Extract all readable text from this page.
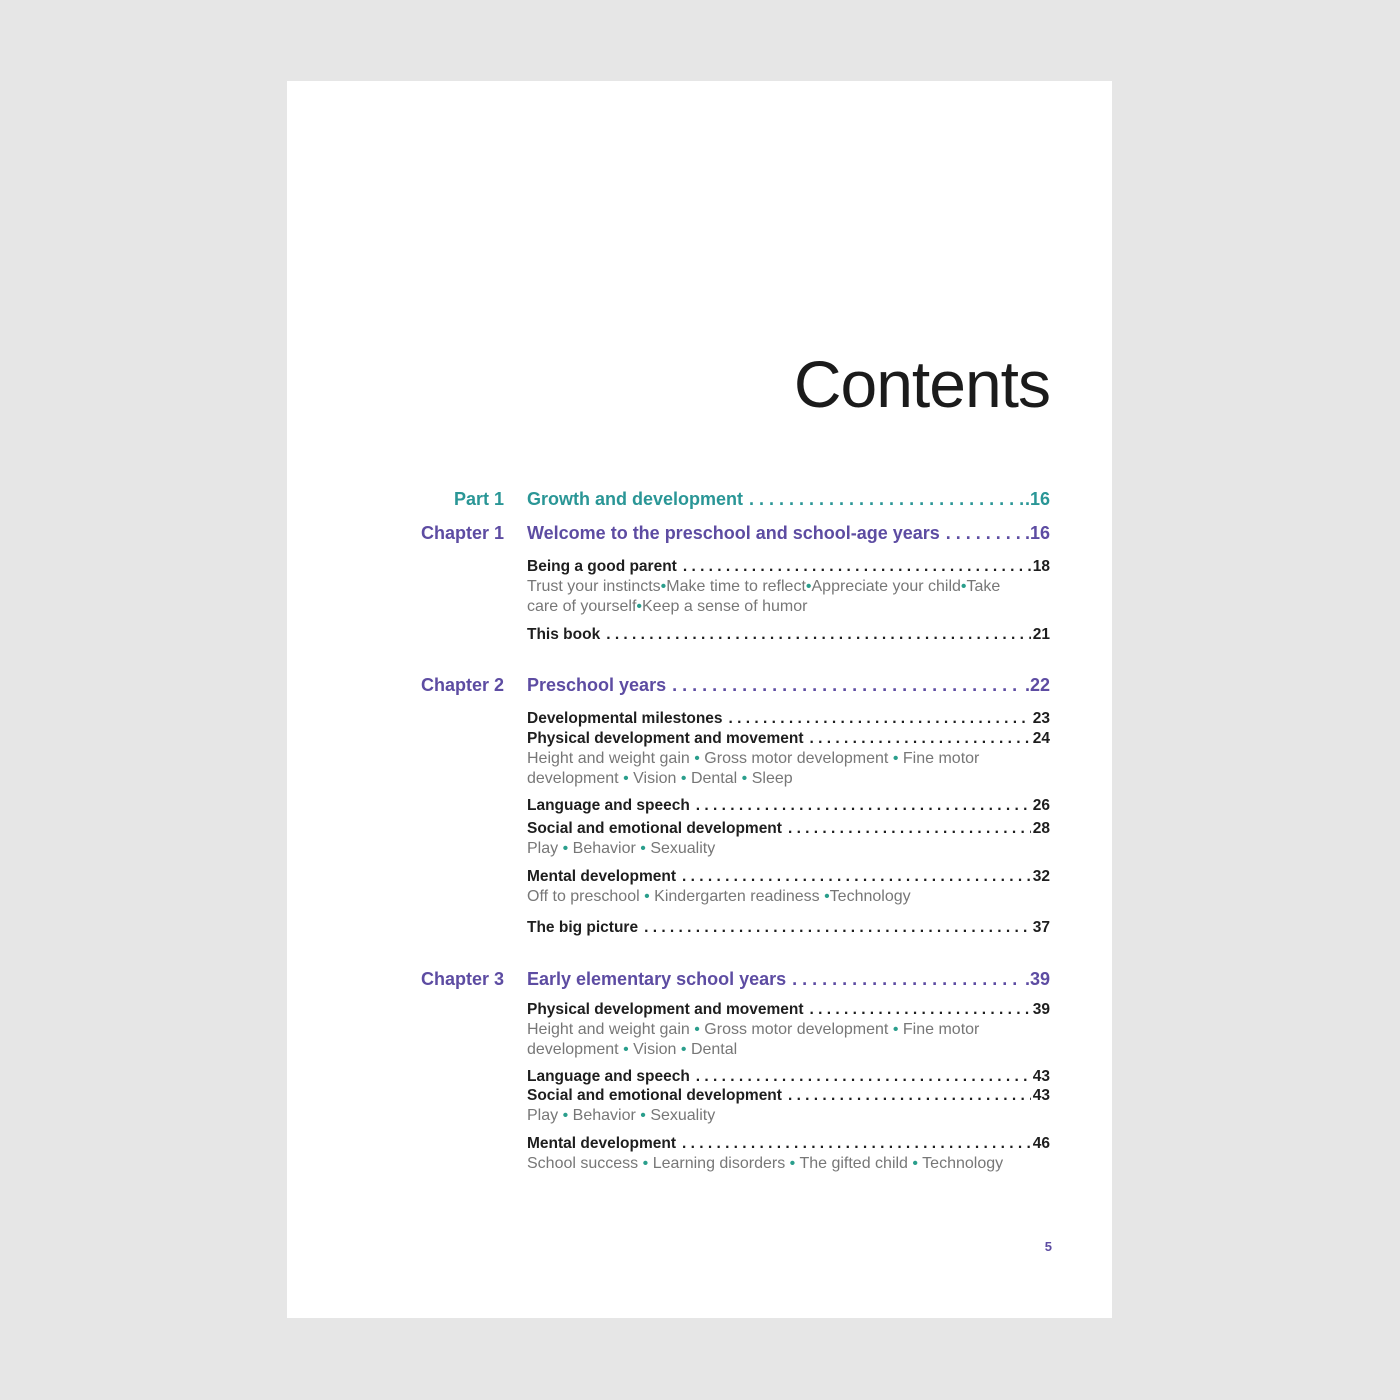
Contents
Part 1 Growth and development . . .	.16
Chapter 1 Welcome to the preschool and school-age years . . .	.16
Being a good parent . . .	18
Trust your instincts•Make time to reflect•Appreciate your child•Take
care of yourself•Keep a sense of humor
This book . . .	21
Chapter 2 Preschool years . . .	.22
Developmental milestones . . .	23
Physical development and movement . . .	24
Height and weight gain • Gross motor development • Fine motor
development • Vision • Dental • Sleep
Language and speech . . .	26
Social and emotional development . . .	28
Play • Behavior • Sexuality
Mental development . . .	32
Off to preschool • Kindergarten readiness •Technology
The big picture . . .	37
Chapter 3 Early elementary school years . . .	.39
Physical development and movement . . .	39
Height and weight gain • Gross motor development • Fine motor
development • Vision • Dental
Language and speech . . .	43
Social and emotional development . . .	43
Play • Behavior • Sexuality
Mental development . . .	46
School success • Learning disorders • The gifted child • Technology
5
